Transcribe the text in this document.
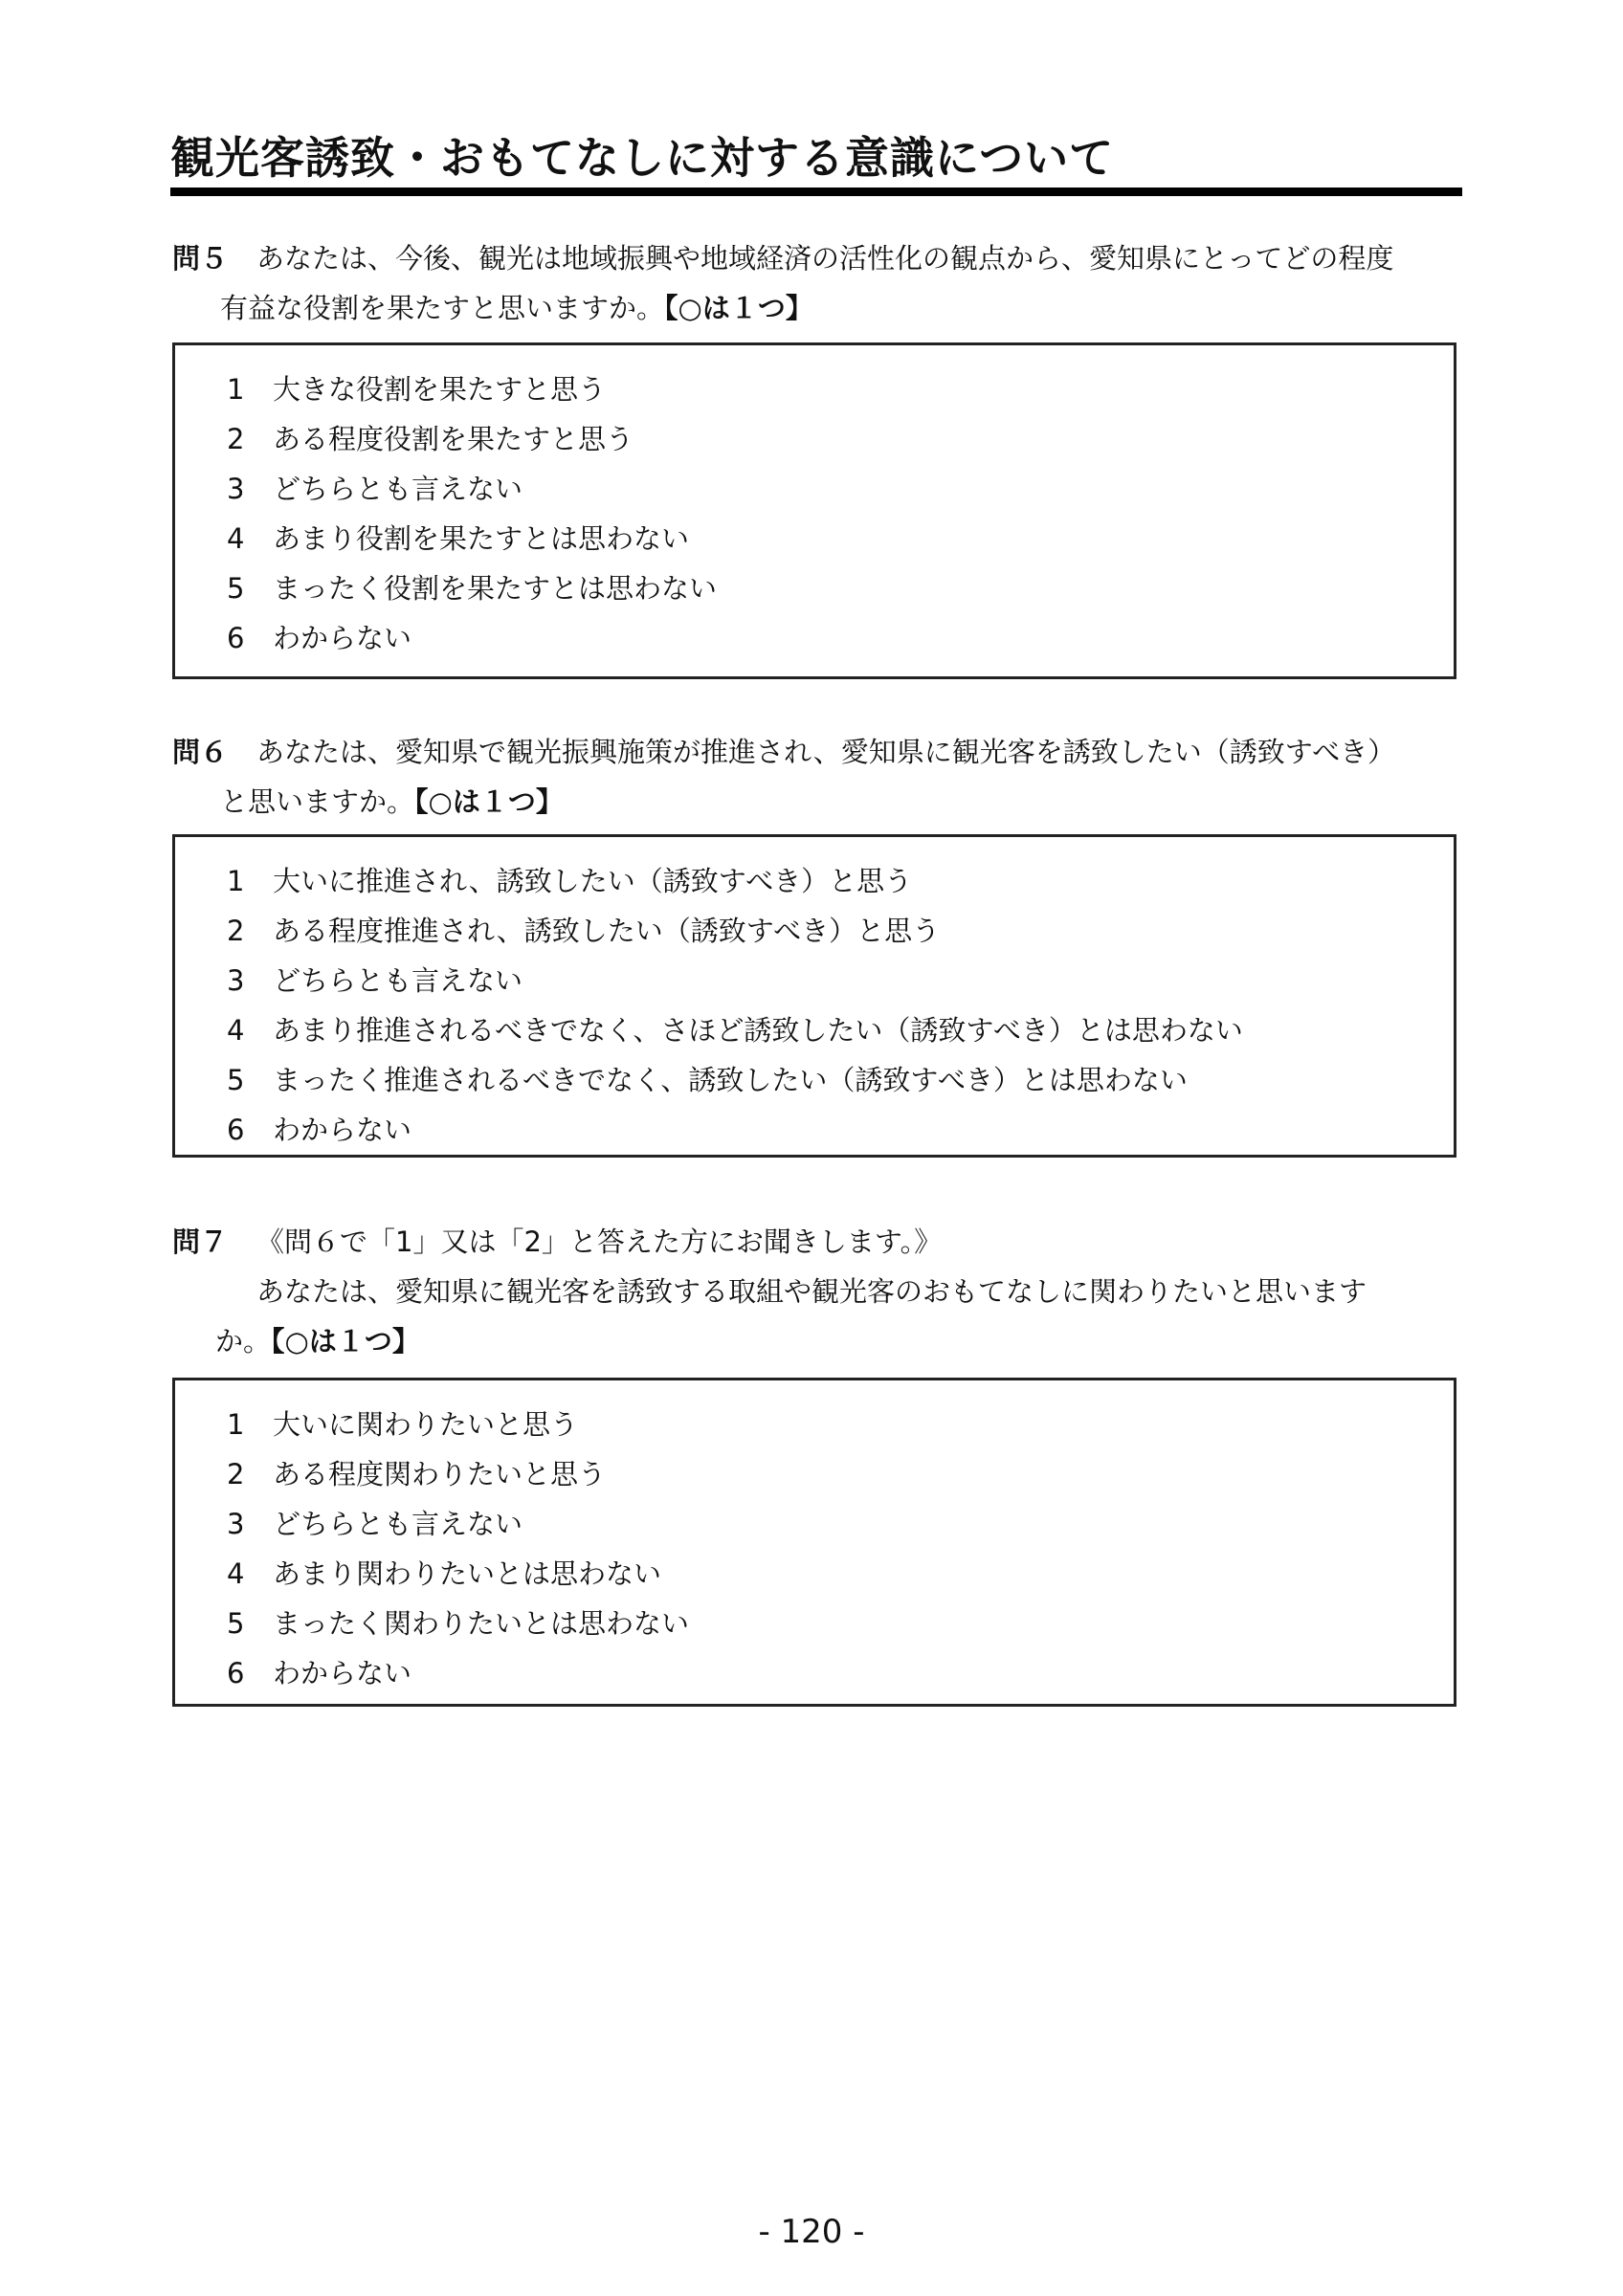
観光客誘致・おもてなしに対する意識について
問５ あなたは、今後、観光は地域振興や地域経済の活性化の観点から、愛知県にとってどの程度
有益な役割を果たすと思いますか。【○は１つ】
1 大きな役割を果たすと思う
2 ある程度役割を果たすと思う
3 どちらとも言えない
4 あまり役割を果たすとは思わない
5 まったく役割を果たすとは思わない
6 わからない
問６ あなたは、愛知県で観光振興施策が推進され、愛知県に観光客を誘致したい（誘致すべき）
と思いますか。【○は１つ】
1 大いに推進され、誘致したい（誘致すべき）と思う
2 ある程度推進され、誘致したい（誘致すべき）と思う
3 どちらとも言えない
4 あまり推進されるべきでなく、さほど誘致したい（誘致すべき）とは思わない
5 まったく推進されるべきでなく、誘致したい（誘致すべき）とは思わない
6 わからない
問７ 《問６で「1」又は「2」と答えた方にお聞きします。》
あなたは、愛知県に観光客を誘致する取組や観光客のおもてなしに関わりたいと思います
か。【○は１つ】
1 大いに関わりたいと思う
2 ある程度関わりたいと思う
3 どちらとも言えない
4 あまり関わりたいとは思わない
5 まったく関わりたいとは思わない
6 わからない
- 120 -
